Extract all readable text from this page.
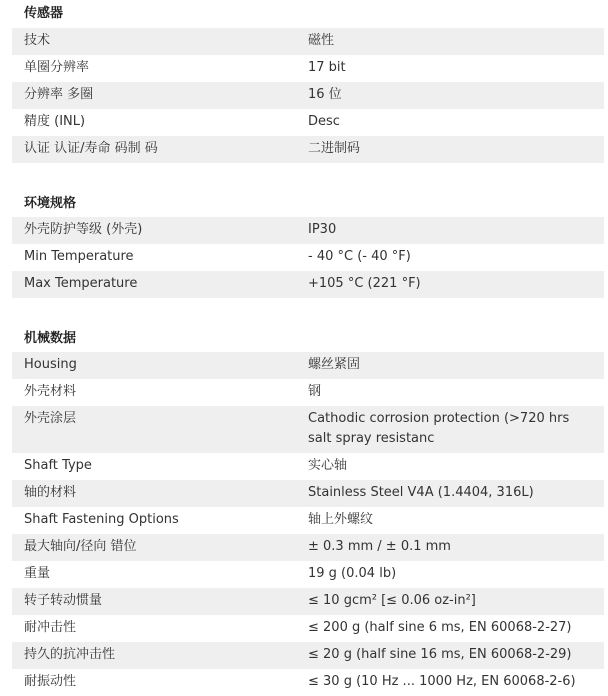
传感器
技术	磁性
单圈分辨率	17 bit
分辨率 多圈	16 位
精度 (INL)	Desc
认证 认证/寿命 码制 码	二进制码
环境规格
外壳防护等级 (外壳)	IP30
Min Temperature	- 40 °C (- 40 °F)
Max Temperature	+105 °C (221 °F)
机械数据
Housing	螺丝紧固
外壳材料	钢
外壳涂层	Cathodic corrosion protection (>720 hrs salt spray resistanc
Shaft Type	实心轴
轴的材料	Stainless Steel V4A (1.4404, 316L)
Shaft Fastening Options	轴上外螺纹
最大轴向/径向 错位	± 0.3 mm / ± 0.1 mm
重量	19 g (0.04 lb)
转子转动惯量	≤ 10 gcm² [≤ 0.06 oz-in²]
耐冲击性	≤ 200 g (half sine 6 ms, EN 60068-2-27)
持久的抗冲击性	≤ 20 g (half sine 16 ms, EN 60068-2-29)
耐振动性	≤ 30 g (10 Hz ... 1000 Hz, EN 60068-2-6)
